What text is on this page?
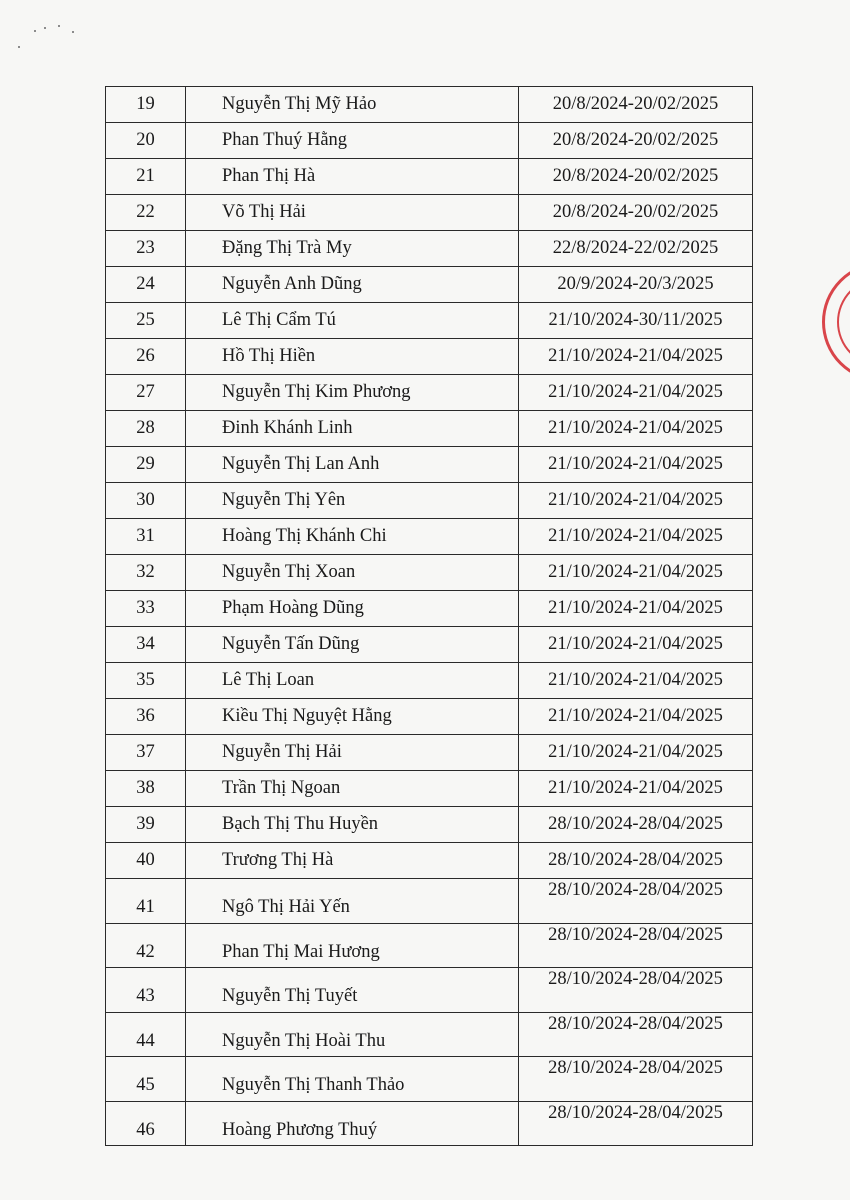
19	Nguyễn Thị Mỹ Hảo	20/8/2024-20/02/2025
20	Phan Thuý Hằng	20/8/2024-20/02/2025
21	Phan Thị Hà	20/8/2024-20/02/2025
22	Võ Thị Hải	20/8/2024-20/02/2025
23	Đặng Thị Trà My	22/8/2024-22/02/2025
24	Nguyễn Anh Dũng	20/9/2024-20/3/2025
25	Lê Thị Cẩm Tú	21/10/2024-30/11/2025
26	Hồ Thị Hiền	21/10/2024-21/04/2025
27	Nguyễn Thị Kim Phương	21/10/2024-21/04/2025
28	Đinh Khánh Linh	21/10/2024-21/04/2025
29	Nguyễn Thị Lan Anh	21/10/2024-21/04/2025
30	Nguyễn Thị Yên	21/10/2024-21/04/2025
31	Hoàng Thị Khánh Chi	21/10/2024-21/04/2025
32	Nguyễn Thị Xoan	21/10/2024-21/04/2025
33	Phạm Hoàng Dũng	21/10/2024-21/04/2025
34	Nguyễn Tấn Dũng	21/10/2024-21/04/2025
35	Lê Thị Loan	21/10/2024-21/04/2025
36	Kiều Thị Nguyệt Hằng	21/10/2024-21/04/2025
37	Nguyễn Thị Hải	21/10/2024-21/04/2025
38	Trần Thị Ngoan	21/10/2024-21/04/2025
39	Bạch Thị Thu Huyền	28/10/2024-28/04/2025
40	Trương Thị Hà	28/10/2024-28/04/2025
41	Ngô Thị Hải Yến	28/10/2024-28/04/2025
42	Phan Thị Mai Hương	28/10/2024-28/04/2025
43	Nguyễn Thị Tuyết	28/10/2024-28/04/2025
44	Nguyễn Thị Hoài Thu	28/10/2024-28/04/2025
45	Nguyễn Thị Thanh Thảo	28/10/2024-28/04/2025
46	Hoàng Phương Thuý	28/10/2024-28/04/2025
